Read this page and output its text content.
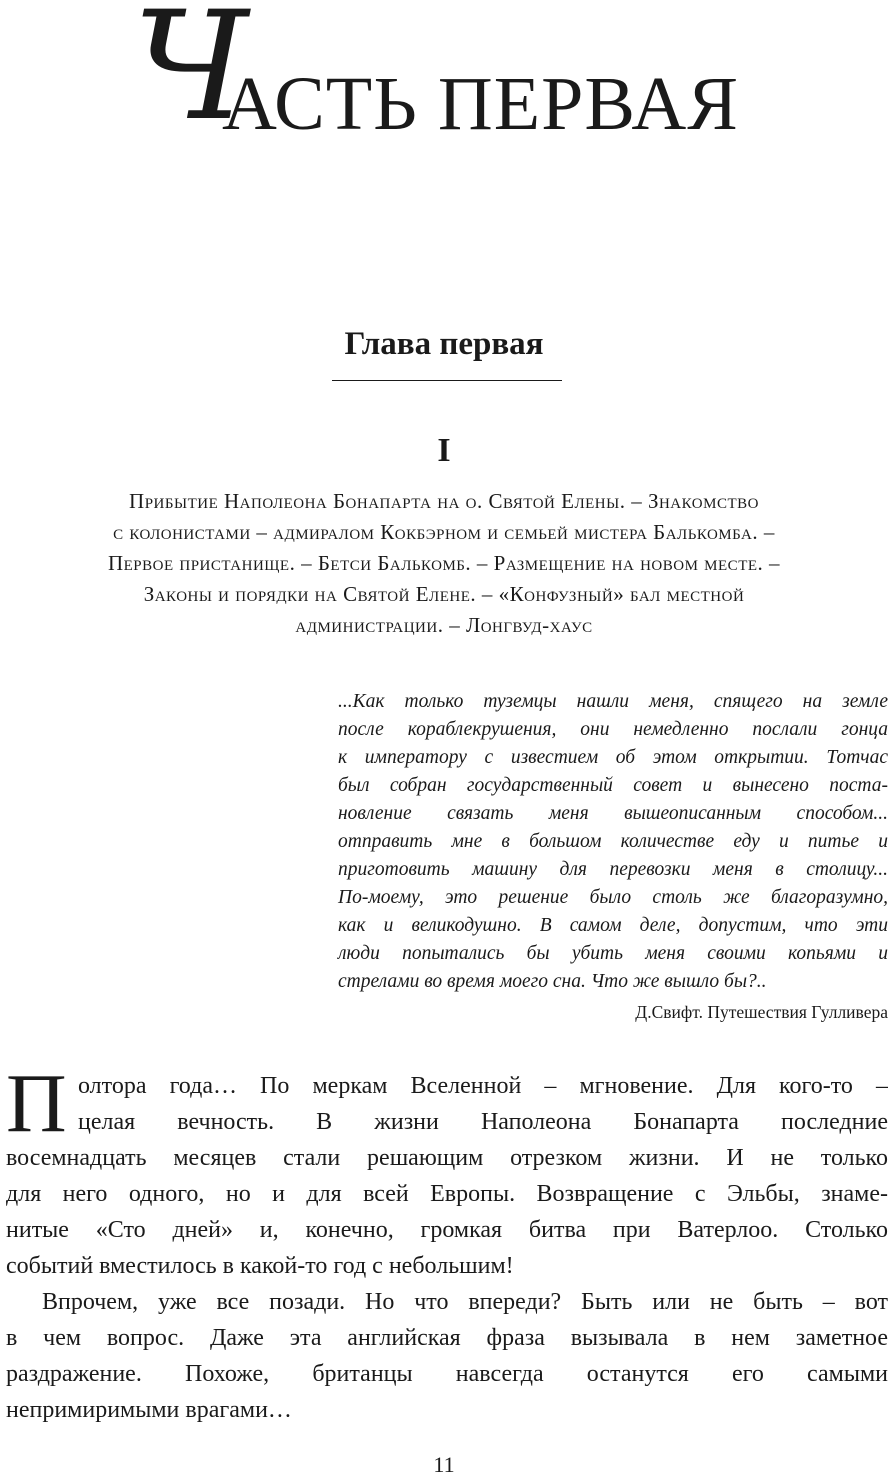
Ч
АСТЬ ПЕРВАЯ
Глава первая
I
Прибытие Наполеона Бонапарта на о. Святой Елены. – Знакомство
с колонистами – адмиралом Кокбэрном и семьей мистера Балькомба. –
Первое пристанище. – Бетси Балькомб. – Размещение на новом месте. –
Законы и порядки на Святой Елене. – «Конфузный» бал местной
администрации. – Лонгвуд-хаус
...Как только туземцы нашли меня, спящего на земле
после кораблекрушения, они немедленно послали гонца
к императору с известием об этом открытии. Тотчас
был собран государственный совет и вынесено поста-
новление связать меня вышеописанным способом...
отправить мне в большом количестве еду и питье и
приготовить машину для перевозки меня в столицу...
По-моему, это решение было столь же благоразумно,
как и великодушно. В самом деле, допустим, что эти
люди попытались бы убить меня своими копьями и
стрелами во время моего сна. Что же вышло бы?..
Д.Свифт. Путешествия Гулливера
П олтора года… По меркам Вселенной – мгновение. Для кого-то –
целая вечность. В жизни Наполеона Бонапарта последние
восемнадцать месяцев стали решающим отрезком жизни. И не только
для него одного, но и для всей Европы. Возвращение с Эльбы, знаме-
нитые «Сто дней» и, конечно, громкая битва при Ватерлоо. Столько
событий вместилось в какой-то год с небольшим!
Впрочем, уже все позади. Но что впереди? Быть или не быть – вот
в чем вопрос. Даже эта английская фраза вызывала в нем заметное
раздражение. Похоже, британцы навсегда останутся его самыми
непримиримыми врагами…
11
